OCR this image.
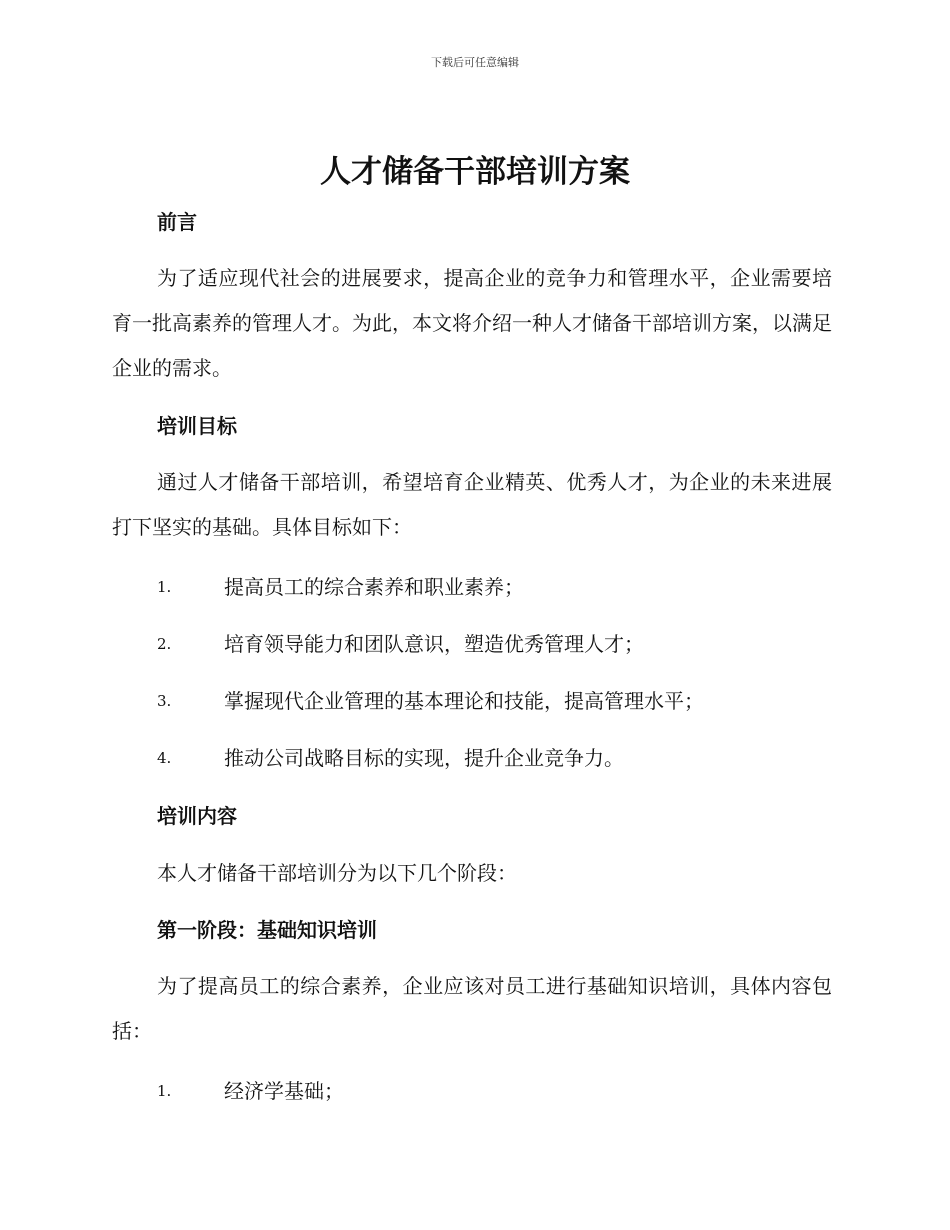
下载后可任意编辑
人才储备干部培训方案
前言

为了适应现代社会的进展要求，提高企业的竞争力和管理水平，企业需要培育一批高素养的管理人才。为此，本文将介绍一种人才储备干部培训方案，以满足企业的需求。

培训目标

通过人才储备干部培训，希望培育企业精英、优秀人才，为企业的未来进展打下坚实的基础。具体目标如下：

1.	提高员工的综合素养和职业素养；
2.	培育领导能力和团队意识，塑造优秀管理人才；
3.	掌握现代企业管理的基本理论和技能，提高管理水平；
4.	推动公司战略目标的实现，提升企业竞争力。
培训内容
本人才储备干部培训分为以下几个阶段：
第一阶段：基础知识培训

为了提高员工的综合素养，企业应该对员工进行基础知识培训，具体内容包括：

1.	经济学基础；
